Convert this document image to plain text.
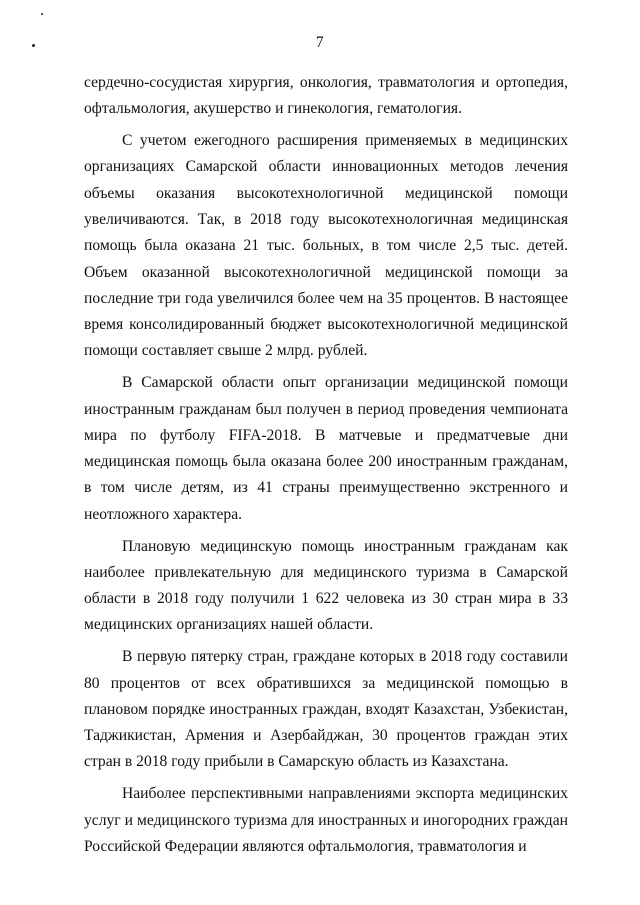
7

сердечно-сосудистая хирургия, онкология, травматология и ортопедия, офтальмология, акушерство и гинекология, гематология.

С учетом ежегодного расширения применяемых в медицинских организациях Самарской области инновационных методов лечения объемы оказания высокотехнологичной медицинской помощи увеличиваются. Так, в 2018 году высокотехнологичная медицинская помощь была оказана 21 тыс. больных, в том числе 2,5 тыс. детей. Объем оказанной высокотехнологичной медицинской помощи за последние три года увеличился более чем на 35 процентов. В настоящее время консолидированный бюджет высокотехнологичной медицинской помощи составляет свыше 2 млрд. рублей.

В Самарской области опыт организации медицинской помощи иностранным гражданам был получен в период проведения чемпионата мира по футболу FIFA-2018. В матчевые и предматчевые дни медицинская помощь была оказана более 200 иностранным гражданам, в том числе детям, из 41 страны преимущественно экстренного и неотложного характера.

Плановую медицинскую помощь иностранным гражданам как наиболее привлекательную для медицинского туризма в Самарской области в 2018 году получили 1 622 человека из 30 стран мира в 33 медицинских организациях нашей области.

В первую пятерку стран, граждане которых в 2018 году составили 80 процентов от всех обратившихся за медицинской помощью в плановом порядке иностранных граждан, входят Казахстан, Узбекистан, Таджикистан, Армения и Азербайджан, 30 процентов граждан этих стран в 2018 году прибыли в Самарскую область из Казахстана.

Наиболее перспективными направлениями экспорта медицинских услуг и медицинского туризма для иностранных и иногородних граждан Российской Федерации являются офтальмология, травматология и
